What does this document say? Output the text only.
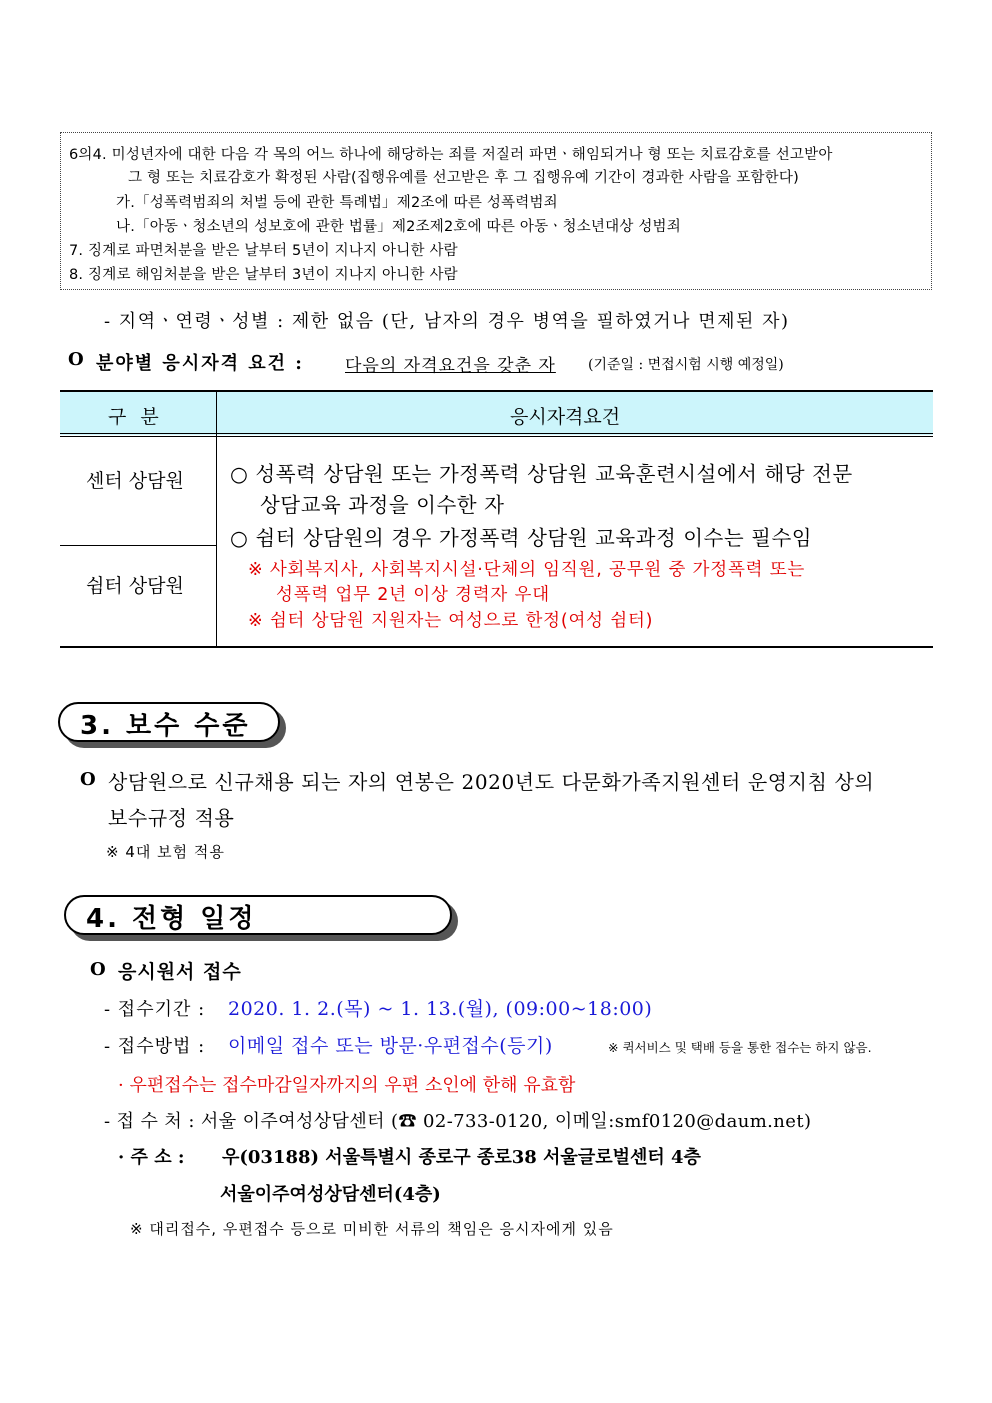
6의4. 미성년자에 대한 다음 각 목의 어느 하나에 해당하는 죄를 저질러 파면ㆍ해임되거나 형 또는 치료감호를 선고받아
그 형 또는 치료감호가 확정된 사람(집행유예를 선고받은 후 그 집행유예 기간이 경과한 사람을 포함한다)
가.「성폭력범죄의 처벌 등에 관한 특례법」제2조에 따른 성폭력범죄
나.「아동ㆍ청소년의 성보호에 관한 법률」제2조제2호에 따른 아동ㆍ청소년대상 성범죄
7. 징계로 파면처분을 받은 날부터 5년이 지나지 아니한 사람
8. 징계로 해임처분을 받은 날부터 3년이 지나지 아니한 사람
- 지역ㆍ연령ㆍ성별 : 제한 없음 (단, 남자의 경우 병역을 필하였거나 면제된 자)
O 분야별 응시자격 요건 : 다음의 자격요건을 갖춘 자 (기준일 : 면접시험 시행 예정일)
구 분	응시자격요건
센터 상담원
쉼터 상담원
○ 성폭력 상담원 또는 가정폭력 상담원 교육훈련시설에서 해당 전문
상담교육 과정을 이수한 자
○ 쉼터 상담원의 경우 가정폭력 상담원 교육과정 이수는 필수임
※ 사회복지사, 사회복지시설·단체의 임직원, 공무원 중 가정폭력 또는
성폭력 업무 2년 이상 경력자 우대
※ 쉼터 상담원 지원자는 여성으로 한정(여성 쉼터)
3. 보수 수준
O 상담원으로 신규채용 되는 자의 연봉은 2020년도 다문화가족지원센터 운영지침 상의
보수규정 적용
※ 4대 보험 적용
4. 전형 일정
O 응시원서 접수
- 접수기간 : 2020. 1. 2.(목) ~ 1. 13.(월), (09:00~18:00)
- 접수방법 : 이메일 접수 또는 방문·우편접수(등기)	※ 퀵서비스 및 택배 등을 통한 접수는 하지 않음.
· 우편접수는 접수마감일자까지의 우편 소인에 한해 유효함
- 접 수 처 : 서울 이주여성상담센터 (☎ 02-733-0120, 이메일:smf0120@daum.net)
· 주 소 : 우(03188) 서울특별시 종로구 종로38 서울글로벌센터 4층
서울이주여성상담센터(4층)
※ 대리접수, 우편접수 등으로 미비한 서류의 책임은 응시자에게 있음
